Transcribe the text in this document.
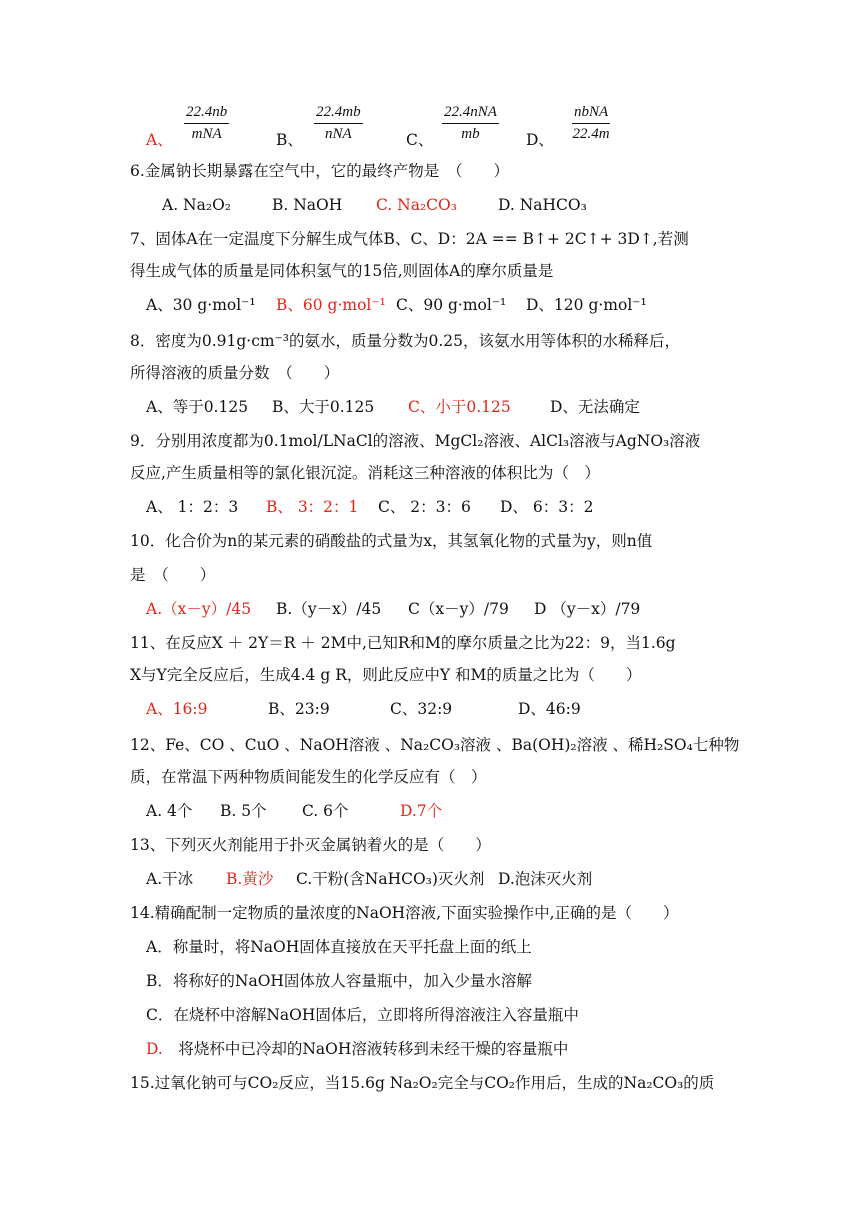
A、
22.4nb
mNA	B、
22.4mb
nNA	C、
22.4nNA
mb	D、
nbNA
22.4m
6.金属钠长期暴露在空气中，它的最终产物是　（　　）
A. Na₂O₂	B. NaOH C. Na₂CO₃	D. NaHCO₃
7、固体A在一定温度下分解生成气体B、C、D：2A == B↑+ 2C↑+ 3D↑,若测
得生成气体的质量是同体积氢气的15倍,则固体A的摩尔质量是
A、30 g·mol⁻¹ B、60 g·mol⁻¹ C、90 g·mol⁻¹ D、120 g·mol⁻¹
8．密度为0.91g·cm⁻³的氨水，质量分数为0.25，该氨水用等体积的水稀释后，
所得溶液的质量分数　（　　）
A、等于0.125 B、大于0.125 C、小于0.125	D、无法确定
9．分别用浓度都为0.1mol/LNaCl的溶液、MgCl₂溶液、AlCl₃溶液与AgNO₃溶液
反应,产生质量相等的氯化银沉淀。消耗这三种溶液的体积比为（　）
A、 1：2：3 B、 3：2：1 C、 2：3：6 D、 6：3：2
10．化合价为n的某元素的硝酸盐的式量为x，其氢氧化物的式量为y，则n值
是　（　　）
A.（x－y）/45 B.（y－x）/45 C（x－y）/79 D （y－x）/79
11、在反应X ＋ 2Y＝R ＋ 2M中,已知R和M的摩尔质量之比为22：9，当1.6g
X与Y完全反应后，生成4.4 g R，则此反应中Y 和M的质量之比为（　　）
A、16:9	B、23:9	C、32:9	D、46:9
12、Fe、CO 、CuO 、NaOH溶液 、Na₂CO₃溶液 、Ba(OH)₂溶液 、稀H₂SO₄七种物
质，在常温下两种物质间能发生的化学反应有（　）
A. 4个 B. 5个 C. 6个	D.7个
13、下列灭火剂能用于扑灭金属钠着火的是（　　）
A.干冰 B.黄沙 C.干粉(含NaHCO₃)灭火剂 D.泡沫灭火剂
14.精确配制一定物质的量浓度的NaOH溶液,下面实验操作中,正确的是（　　）
A．称量时，将NaOH固体直接放在天平托盘上面的纸上
B．将称好的NaOH固体放人容量瓶中，加入少量水溶解
C．在烧杯中溶解NaOH固体后，立即将所得溶液注入容量瓶中
D.　将烧杯中已冷却的NaOH溶液转移到未经干燥的容量瓶中
15.过氧化钠可与CO₂反应，当15.6g Na₂O₂完全与CO₂作用后，生成的Na₂CO₃的质
